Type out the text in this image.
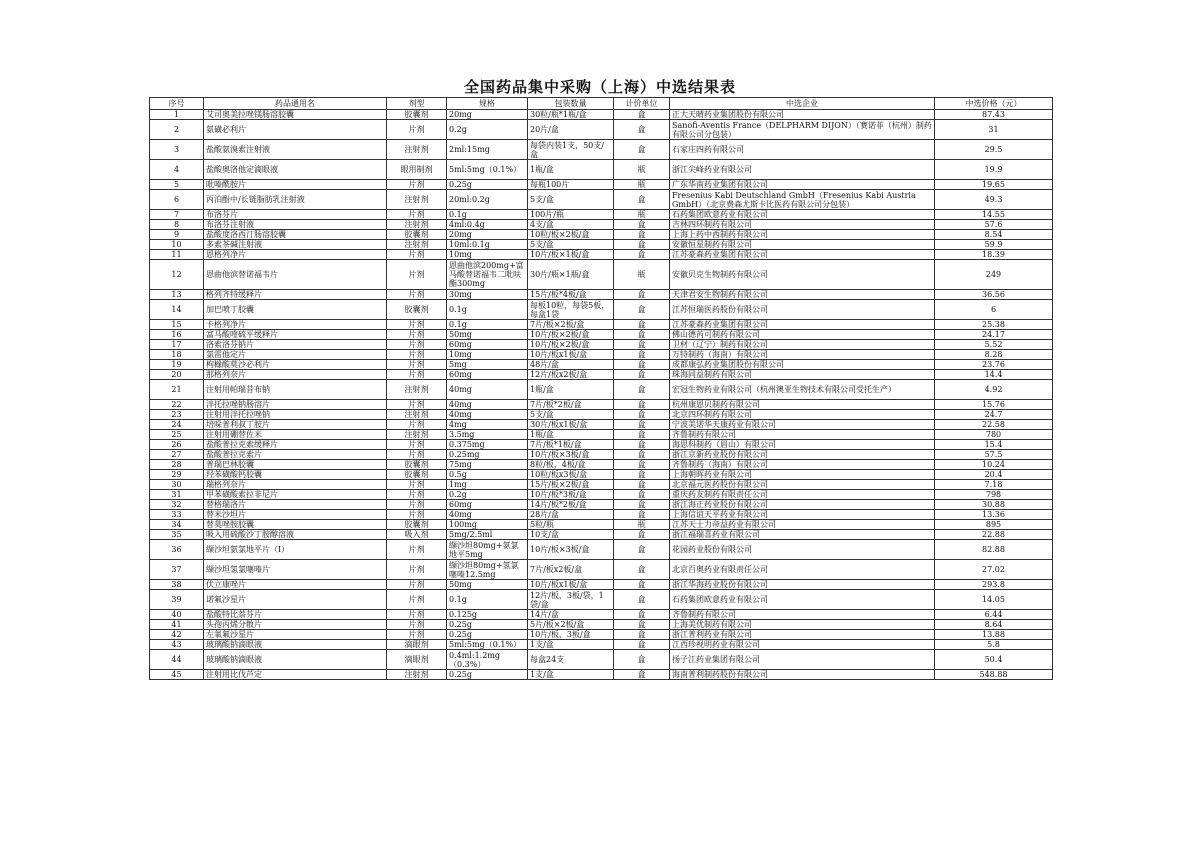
全国药品集中采购（上海）中选结果表
序号	药品通用名	剂型	规格	包装数量	计价单位	中选企业	中选价格（元）
1	艾司奥美拉唑镁肠溶胶囊	胶囊剂	20mg	30粒/瓶*1瓶/盒	盒	正大天晴药业集团股份有限公司	87.43
2	氨磺必利片	片剂	0.2g	20片/盒	盒	Sanofi-Aventis France（DELPHARM DIJON）（赛诺菲（杭州）制药有限公司分包装）	31
3	盐酸氨溴索注射液	注射剂	2ml:15mg	每袋内装1支，50支/盒	盒	石家庄四药有限公司	29.5
4	盐酸奥洛他定滴眼液	眼用制剂	5ml:5mg（0.1%）	1瓶/盒	瓶	浙江尖峰药业有限公司	19.9
5	吡嗪酰胺片	片剂	0.25g	每瓶100片	瓶	广东华南药业集团有限公司	19.65
6	丙泊酚中/长链脂肪乳注射液	注射剂	20ml:0.2g	5支/盒	盒	Fresenius Kabi Deutschland GmbH（Fresenius Kabi Austria GmbH）（北京费森尤斯卡比医药有限公司分包装）	49.3
7	布洛芬片	片剂	0.1g	100片/瓶	瓶	石药集团欧意药业有限公司	14.55
8	布洛芬注射液	注射剂	4ml:0.4g	4支/盒	盒	吉林四环制药有限公司	57.6
9	盐酸度洛西汀肠溶胶囊	胶囊剂	20mg	10粒/板×2板/盒	盒	上海上药中西制药有限公司	8.54
10	多索茶碱注射液	注射剂	10ml:0.1g	5支/盒	盒	安徽恒星制药有限公司	59.9
11	恩格列净片	片剂	10mg	10片/板×1板/盒	盒	江苏豪森药业集团有限公司	18.39
12	恩曲他滨替诺福韦片	片剂	恩曲他滨200mg+富马酸替诺福韦二吡呋酯300mg	30片/瓶×1瓶/盒	瓶	安徽贝克生物制药有限公司	249
13	格列齐特缓释片	片剂	30mg	15片/板*4板/盒	盒	天津君安生物制药有限公司	36.56
14	加巴喷丁胶囊	胶囊剂	0.1g	每板10粒，每袋5板，每盒1袋	盒	江苏恒瑞医药股份有限公司	6
15	卡格列净片	片剂	0.1g	7片/板×2板/盒	盒	江苏豪森药业集团有限公司	25.38
16	富马酸喹硫平缓释片	片剂	50mg	10片/板×2板/盒	盒	佛山德芮可制药有限公司	24.17
17	洛索洛芬钠片	片剂	60mg	10片/板×2板/盒	盒	卫材（辽宁）制药有限公司	5.52
18	氯雷他定片	片剂	10mg	10片/板x1板/盒	盒	万特制药（海南）有限公司	8.28
19	枸橼酸莫沙必利片	片剂	5mg	48片/盒	盒	成都康弘药业集团股份有限公司	23.76
20	那格列奈片	片剂	60mg	12片/板x2板/盒	盒	珠海同益制药有限公司	14.4
21	注射用帕瑞昔布钠	注射剂	40mg	1瓶/盒	盒	宏冠生物药业有限公司（杭州澳亚生物技术有限公司受托生产）	4.92
22	泮托拉唑钠肠溶片	片剂	40mg	7片/板*2板/盒	盒	杭州康恩贝制药有限公司	15.76
23	注射用泮托拉唑钠	注射剂	40mg	5支/盒	盒	北京四环制药有限公司	24.7
24	培哚普利叔丁胺片	片剂	4mg	30片/板x1板/盒	盒	宁波美诺华天康药业有限公司	22.58
25	注射用硼替佐米	注射剂	3.5mg	1瓶/盒	盒	齐鲁制药有限公司	780
26	盐酸普拉克索缓释片	片剂	0.375mg	7片/板*1板/盒	盒	海思科制药（眉山）有限公司	15.4
27	盐酸普拉克索片	片剂	0.25mg	10片/板×3板/盒	盒	浙江京新药业股份有限公司	57.5
28	普瑞巴林胶囊	胶囊剂	75mg	8粒/板，4板/盒	盒	齐鲁制药（海南）有限公司	10.24
29	羟苯磺酸钙胶囊	胶囊剂	0.5g	10粒/板x3板/盒	盒	上海朝晖药业有限公司	20.4
30	瑞格列奈片	片剂	1mg	15片/板×2板/盒	盒	北京福元医药股份有限公司	7.18
31	甲苯磺酸索拉非尼片	片剂	0.2g	10片/板*3板/盒	盒	重庆药友制药有限责任公司	798
32	替格瑞洛片	片剂	60mg	14片/板*2板/盒	盒	浙江海正药业股份有限公司	30.88
33	替米沙坦片	片剂	40mg	28片/盒	盒	上海信谊天平药业有限公司	13.36
34	替莫唑胺胶囊	胶囊剂	100mg	5粒/瓶	瓶	江苏天士力帝益药业有限公司	895
35	吸入用硫酸沙丁胺醇溶液	吸入剂	5mg/2.5ml	10支/盒	盒	浙江福瑞喜药业有限公司	22.88
36	缬沙坦氨氯地平片（Ⅰ）	片剂	缬沙坦80mg+氨氯地平5mg	10片/板×3板/盒	盒	花园药业股份有限公司	82.88
37	缬沙坦氢氯噻嗪片	片剂	缬沙坦80mg+氢氯噻嗪12.5mg	7片/板x2板/盒	盒	北京百奥药业有限责任公司	27.02
38	伏立康唑片	片剂	50mg	10片/板x1板/盒	盒	浙江华海药业股份有限公司	293.8
39	诺氟沙星片	片剂	0.1g	12片/板，3板/袋，1袋/盒	盒	石药集团欧意药业有限公司	14.05
40	盐酸特比萘芬片	片剂	0.125g	14片/盒	盒	齐鲁制药有限公司	6.44
41	头孢丙烯分散片	片剂	0.25g	5片/板×2板/盒	盒	上海美优制药有限公司	8.64
42	左氧氟沙星片	片剂	0.25g	10片/板，3板/盒	盒	浙江普利药业有限公司	13.88
43	玻璃酸钠滴眼液	滴眼剂	5ml:5mg（0.1%）	1支/盒	盒	江西珍视明药业有限公司	5.8
44	玻璃酸钠滴眼液	滴眼剂	0.4ml:1.2mg（0.3%）	每盒24支	盒	扬子江药业集团有限公司	50.4
45	注射用比伐芦定	注射剂	0.25g	1支/盒	盒	海南普利制药股份有限公司	548.88
